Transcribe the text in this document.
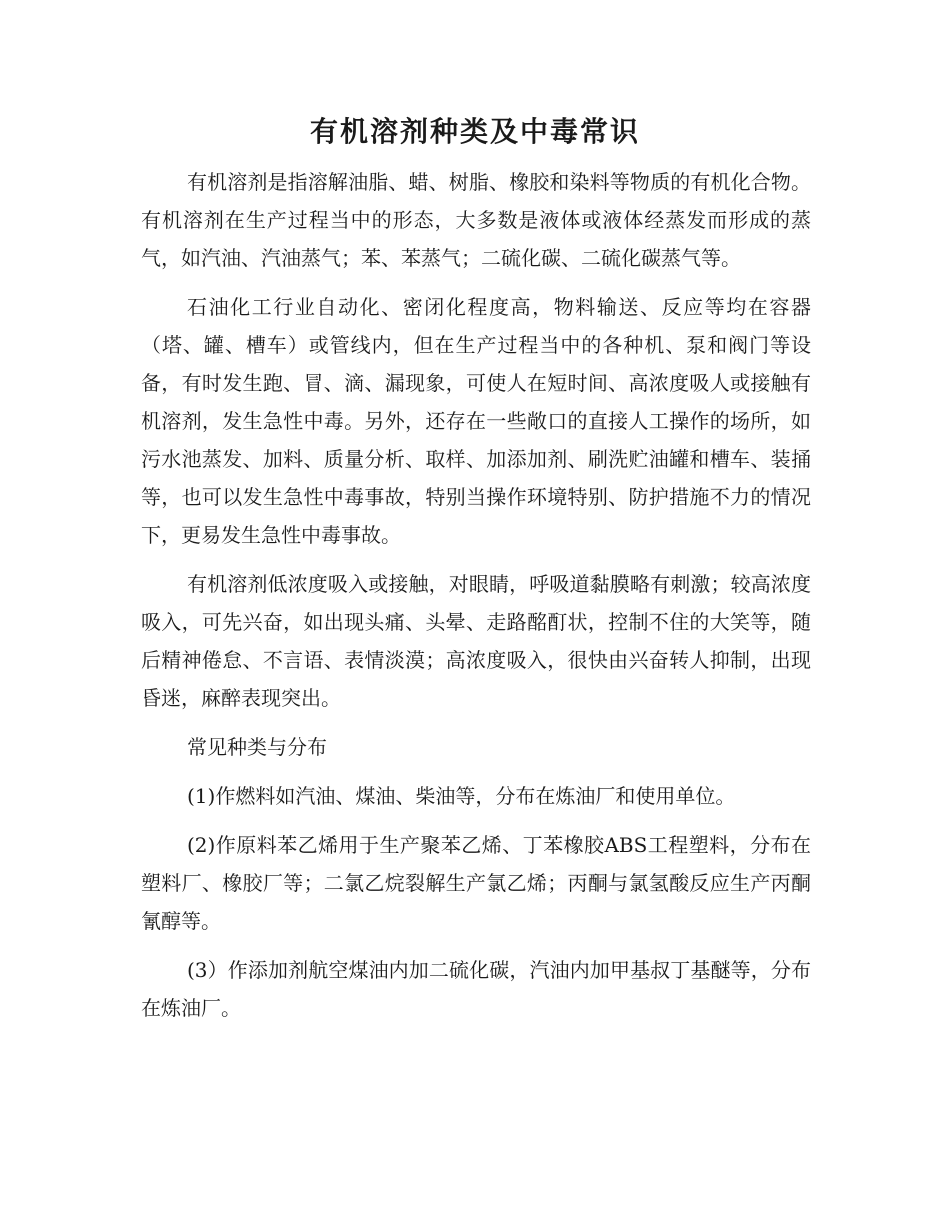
有机溶剂种类及中毒常识

有机溶剂是指溶解油脂、蜡、树脂、橡胶和染料等物质的有机化合物。有机溶剂在生产过程当中的形态，大多数是液体或液体经蒸发而形成的蒸气，如汽油、汽油蒸气；苯、苯蒸气；二硫化碳、二硫化碳蒸气等。

石油化工行业自动化、密闭化程度高，物料输送、反应等均在容器（塔、罐、槽车）或管线内，但在生产过程当中的各种机、泵和阀门等设备，有时发生跑、冒、滴、漏现象，可使人在短时间、高浓度吸人或接触有机溶剂，发生急性中毒。另外，还存在一些敞口的直接人工操作的场所，如污水池蒸发、加料、质量分析、取样、加添加剂、刷洗贮油罐和槽车、装捅等，也可以发生急性中毒事故，特别当操作环境特别、防护措施不力的情况下，更易发生急性中毒事故。

有机溶剂低浓度吸入或接触，对眼睛，呼吸道黏膜略有刺激；较高浓度吸入，可先兴奋，如出现头痛、头晕、走路酩酊状，控制不住的大笑等，随后精神倦怠、不言语、表情淡漠；高浓度吸入，很快由兴奋转人抑制，出现昏迷，麻醉表现突出。

常见种类与分布

(1)作燃料如汽油、煤油、柴油等，分布在炼油厂和使用单位。

(2)作原料苯乙烯用于生产聚苯乙烯、丁苯橡胶ABS工程塑料，分布在塑料厂、橡胶厂等；二氯乙烷裂解生产氯乙烯；丙酮与氯氢酸反应生产丙酮氰醇等。

(3）作添加剂航空煤油内加二硫化碳，汽油内加甲基叔丁基醚等，分布在炼油厂。
